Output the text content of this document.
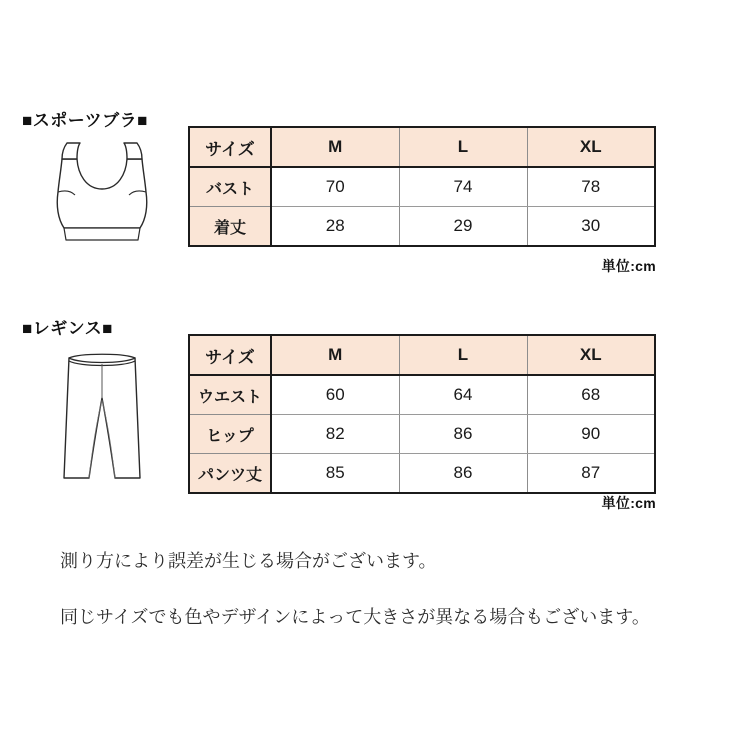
■スポーツブラ■
サイズ	M	L	XL
バスト	70	74	78
着丈	28	29	30
単位:cm
■レギンス■
サイズ	M	L	XL
ウエスト	60	64	68
ヒップ	82	86	90
パンツ丈	85	86	87
単位:cm

測り方により誤差が生じる場合がございます。

同じサイズでも色やデザインによって大きさが異なる場合もございます。
